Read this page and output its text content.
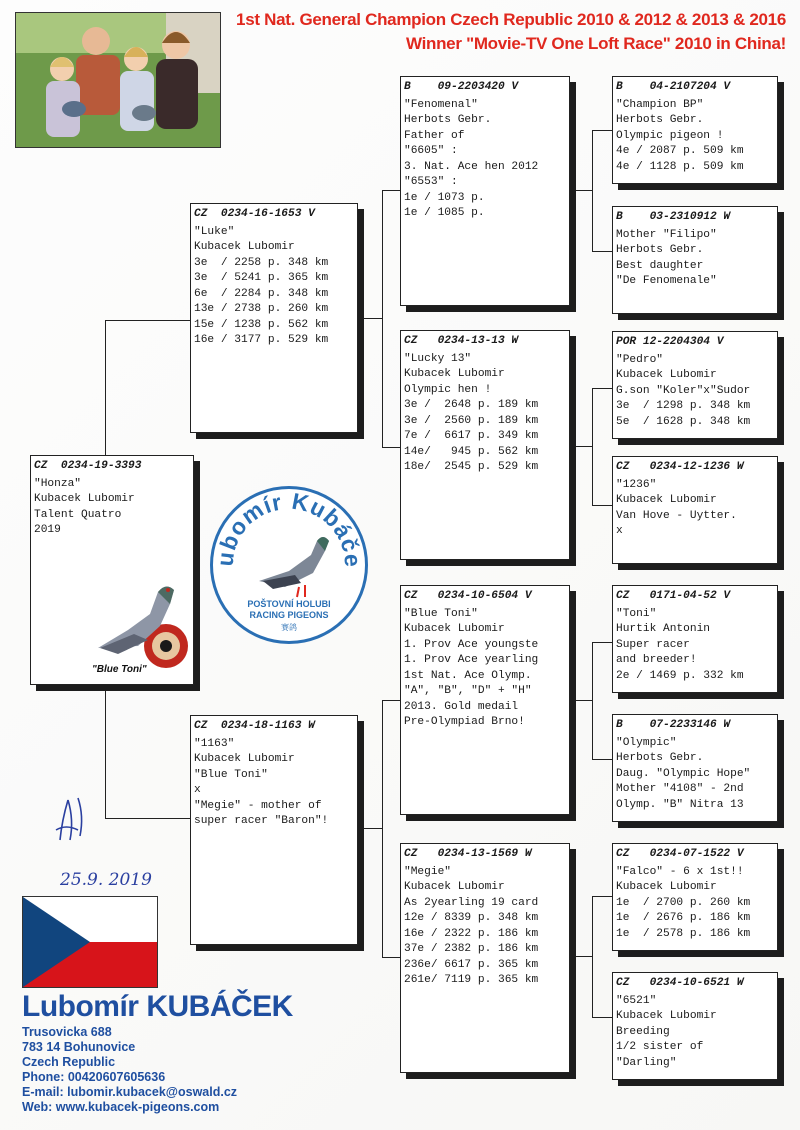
1st Nat. General Champion Czech Republic 2010 & 2012 & 2013 & 2016
Winner "Movie-TV One Loft Race" 2010 in China!
CZ  0234-19-3393
"Honza"
Kubacek Lubomir
Talent Quatro
2019
"Blue Toni"
CZ  0234-16-1653 V
"Luke"
Kubacek Lubomir
3e  / 2258 p. 348 km
3e  / 5241 p. 365 km
6e  / 2284 p. 348 km
13e / 2738 p. 260 km
15e / 1238 p. 562 km
16e / 3177 p. 529 km
CZ  0234-18-1163 W
"1163"
Kubacek Lubomir
"Blue Toni"
x
"Megie" - mother of
super racer "Baron"!
B    09-2203420 V
"Fenomenal"
Herbots Gebr.
Father of
"6605" :
3. Nat. Ace hen 2012
"6553" :
1e / 1073 p.
1e / 1085 p.
CZ   0234-13-13 W
"Lucky 13"
Kubacek Lubomir
Olympic hen !
3e /  2648 p. 189 km
3e /  2560 p. 189 km
7e /  6617 p. 349 km
14e/   945 p. 562 km
18e/  2545 p. 529 km
CZ   0234-10-6504 V
"Blue Toni"
Kubacek Lubomir
1. Prov Ace youngste
1. Prov Ace yearling
1st Nat. Ace Olymp.
"A", "B", "D" + "H"
2013. Gold medail
Pre-Olympiad Brno!
CZ   0234-13-1569 W
"Megie"
Kubacek Lubomir
As 2yearling 19 card
12e / 8339 p. 348 km
16e / 2322 p. 186 km
37e / 2382 p. 186 km
236e/ 6617 p. 365 km
261e/ 7119 p. 365 km
B    04-2107204 V
"Champion BP"
Herbots Gebr.
Olympic pigeon !
4e / 2087 p. 509 km
4e / 1128 p. 509 km
B    03-2310912 W
Mother "Filipo"
Herbots Gebr.
Best daughter
"De Fenomenale"
POR 12-2204304 V
"Pedro"
Kubacek Lubomir
G.son "Koler"x"Sudor
3e  / 1298 p. 348 km
5e  / 1628 p. 348 km
CZ   0234-12-1236 W
"1236"
Kubacek Lubomir
Van Hove - Uytter.
x
CZ   0171-04-52 V
"Toni"
Hurtik Antonin
Super racer
and breeder!
2e / 1469 p. 332 km
B    07-2233146 W
"Olympic"
Herbots Gebr.
Daug. "Olympic Hope"
Mother "4108" - 2nd
Olymp. "B" Nitra 13
CZ   0234-07-1522 V
"Falco" - 6 x 1st!!
Kubacek Lubomir
1e  / 2700 p. 260 km
1e  / 2676 p. 186 km
1e  / 2578 p. 186 km
CZ   0234-10-6521 W
"6521"
Kubacek Lubomir
Breeding
1/2 sister of
"Darling"
ubomír Kubáče
POŠTOVNÍ HOLUBI
RACING PIGEONS
赛鸽
25.9. 2019
Lubomír KUBÁČEK
Trusovicka 688
783 14 Bohunovice
Czech Republic
Phone: 00420607605636
E-mail: lubomir.kubacek@oswald.cz
Web: www.kubacek-pigeons.com
